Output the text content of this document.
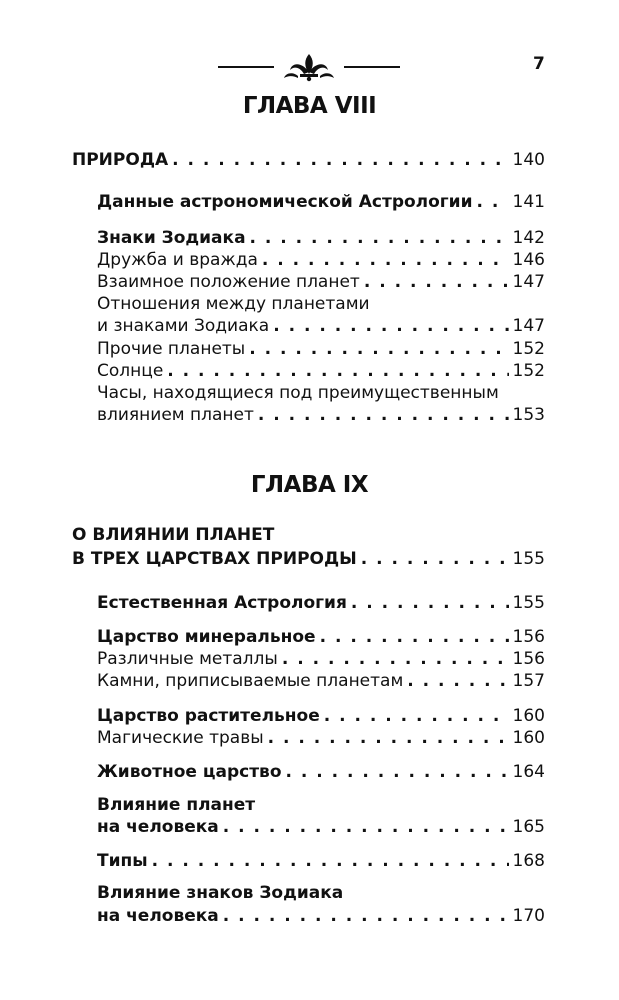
7
ГЛАВА VIII
ПРИРОДА . . .	140
Данные астрономической Астрологии . . . 141
Знаки Зодиака . . .	142
Дружба и вражда . . .	146
Взаимное положение планет . . .	147
Отношения между планетами
и знаками Зодиака . . .	147
Прочие планеты . . .	152
Солнце . . .	152
Часы, находящиеся под преимущественным
влиянием планет . . .	153
ГЛАВА IX
О ВЛИЯНИИ ПЛАНЕТ
В ТРЕХ ЦАРСТВАХ ПРИРОДЫ . . .	155
Естественная Астрология . . .	155
Царство минеральное . . .	156
Различные металлы . . .	156
Камни, приписываемые планетам . . .	157
Царство растительное . . .	160
Магические травы . . .	160
Животное царство . . .	164
Влияние планет
на человека . . .	165
Типы . . .	168
Влияние знаков Зодиака
на человека . . .	170
